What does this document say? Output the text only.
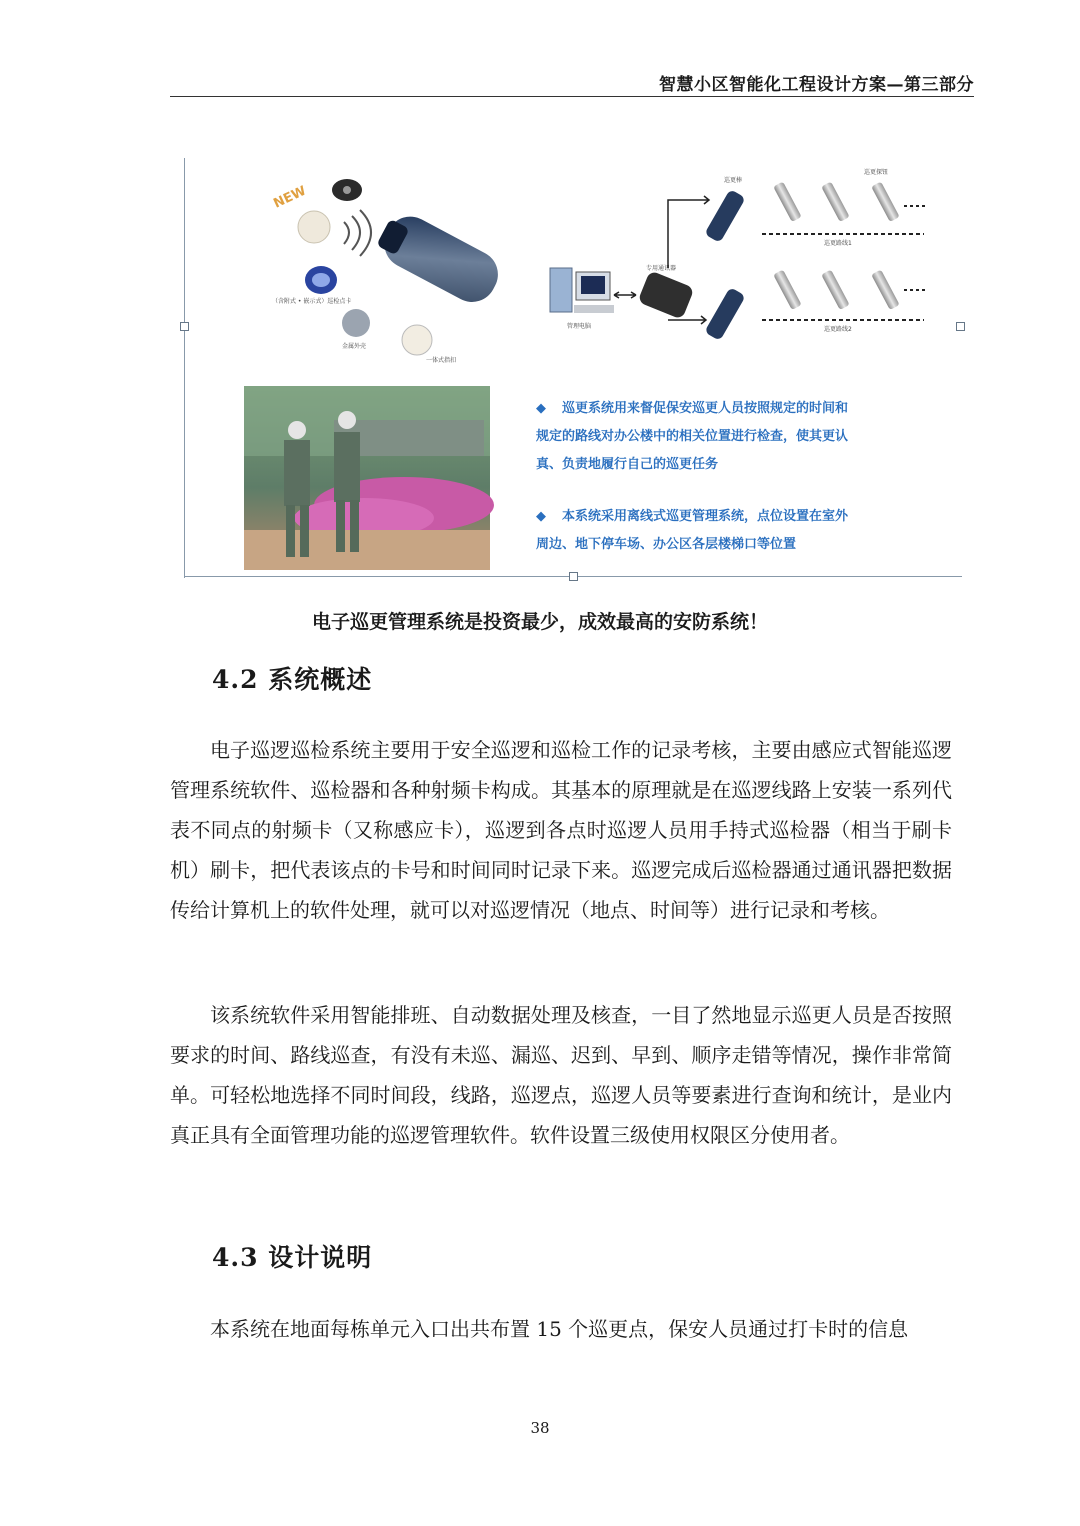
智慧小区智能化工程设计方案—第三部分
NEW
（含附式 • 嵌示式）巡检点卡
金属外壳
一体式指扣
管理电脑
专用通讯器
巡更棒
巡更探钮
巡更路线1
巡更路线2
◆ 巡更系统用来督促保安巡更人员按照规定的时间和
规定的路线对办公楼中的相关位置进行检查，使其更认
真、负责地履行自己的巡更任务
◆ 本系统采用离线式巡更管理系统，点位设置在室外
周边、地下停车场、办公区各层楼梯口等位置
电子巡更管理系统是投资最少，成效最高的安防系统！
4.2 系统概述

电子巡逻巡检系统主要用于安全巡逻和巡检工作的记录考核，主要由感应式智能巡逻管理系统软件、巡检器和各种射频卡构成。其基本的原理就是在巡逻线路上安装一系列代表不同点的射频卡（又称感应卡），巡逻到各点时巡逻人员用手持式巡检器（相当于刷卡机）刷卡，把代表该点的卡号和时间同时记录下来。巡逻完成后巡检器通过通讯器把数据传给计算机上的软件处理，就可以对巡逻情况（地点、时间等）进行记录和考核。

该系统软件采用智能排班、自动数据处理及核查，一目了然地显示巡更人员是否按照要求的时间、路线巡查，有没有未巡、漏巡、迟到、早到、顺序走错等情况，操作非常简单。可轻松地选择不同时间段，线路，巡逻点，巡逻人员等要素进行查询和统计，是业内真正具有全面管理功能的巡逻管理软件。软件设置三级使用权限区分使用者。

4.3 设计说明

本系统在地面每栋单元入口出共布置 15 个巡更点，保安人员通过打卡时的信息

38
